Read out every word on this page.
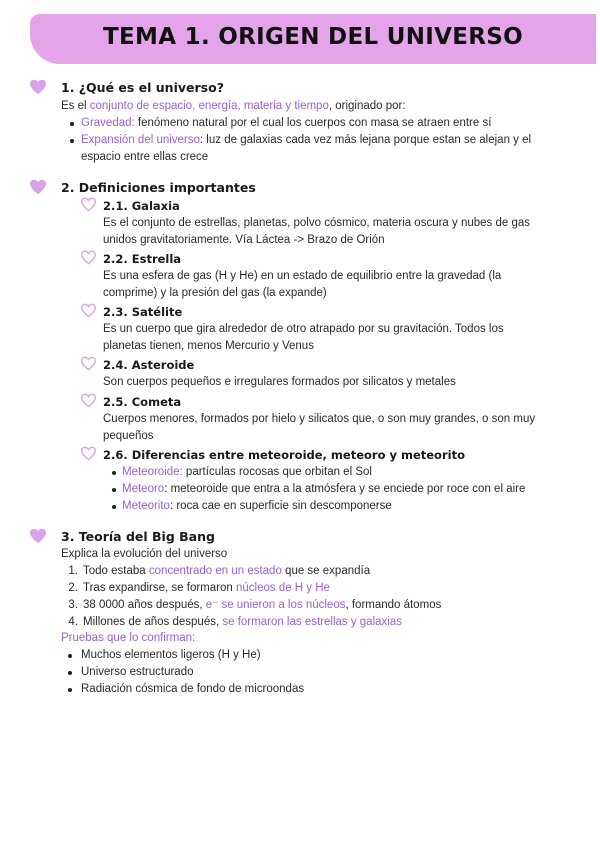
TEMA 1. ORIGEN DEL UNIVERSO
1. ¿Qué es el universo?
Es el conjunto de espacio, energía, materia y tiempo, originado por:
Gravedad: fenómeno natural por el cual los cuerpos con masa se atraen entre sí
Expansión del universo: luz de galaxias cada vez más lejana porque estan se alejan y el
espacio entre ellas crece
2. Definiciones importantes
2.1. Galaxia
Es el conjunto de estrellas, planetas, polvo cósmico, materia oscura y nubes de gas
unidos gravitatoriamente. Vía Láctea -> Brazo de Orión
2.2. Estrella
Es una esfera de gas (H y He) en un estado de equilibrio entre la gravedad (la
comprime) y la presión del gas (la expande)
2.3. Satélite
Es un cuerpo que gira alrededor de otro atrapado por su gravitación. Todos los
planetas tienen, menos Mercurio y Venus
2.4. Asteroide
Son cuerpos pequeños e irregulares formados por silicatos y metales
2.5. Cometa
Cuerpos menores, formados por hielo y silicatos que, o son muy grandes, o son muy
pequeños
2.6. Diferencias entre meteoroide, meteoro y meteorito
Meteoroide: partículas rocosas que orbitan el Sol
Meteoro: meteoroide que entra a la atmósfera y se enciede por roce con el aire
Meteorito: roca cae en superficie sin descomponerse
3. Teoría del Big Bang
Explica la evolución del universo
1. Todo estaba concentrado en un estado que se expandía
2. Tras expandirse, se formaron núcleos de H y He
3. 38 0000 años después, e⁻ se unieron a los núcleos, formando átomos
4. Millones de años después, se formaron las estrellas y galaxias
Pruebas que lo confirman:
Muchos elementos ligeros (H y He)
Universo estructurado
Radiación cósmica de fondo de microondas
